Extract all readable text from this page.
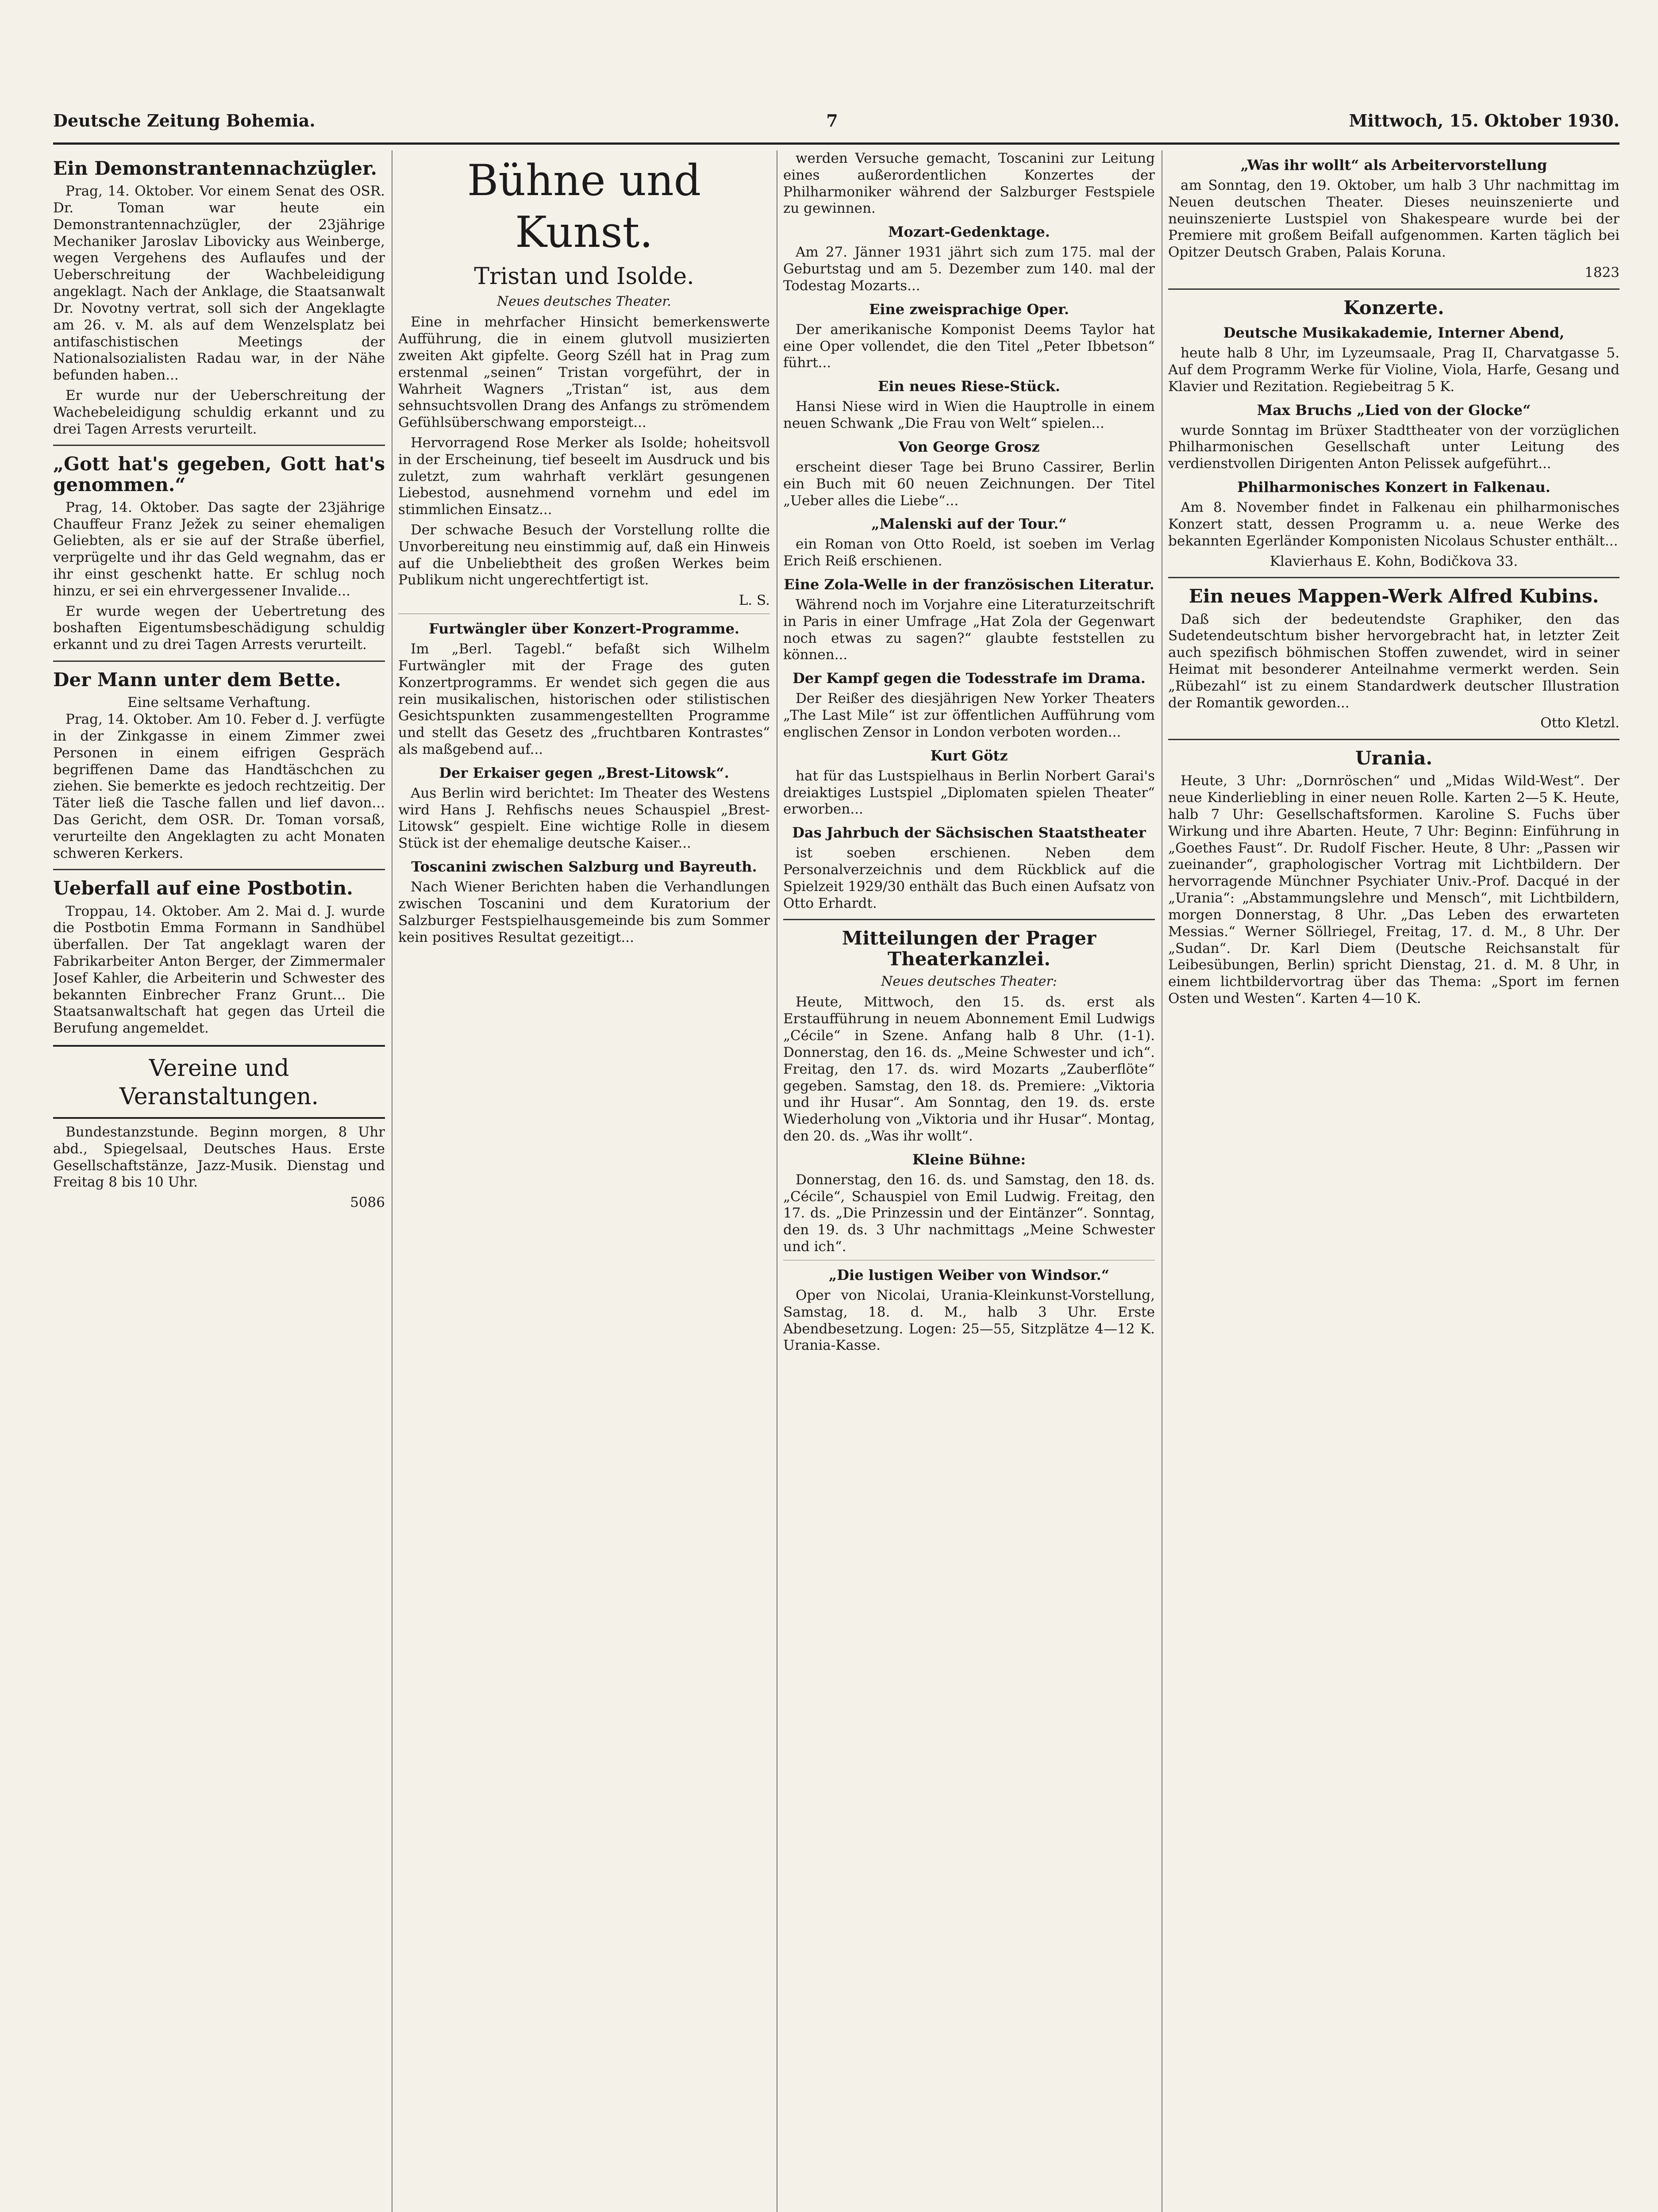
Deutsche Zeitung Bohemia.	7	Mittwoch, 15. Oktober 1930.
Ein Demonstrantennachzügler.

Prag, 14. Oktober. Vor einem Senat des OSR. Dr. Toman war heute ein Demonstrantennachzügler, der 23jährige Mechaniker Jaroslav Libovicky aus Weinberge, wegen Vergehens des Auflaufes und der Ueberschreitung der Wachbeleidigung angeklagt. Nach der Anklage, die Staatsanwalt Dr. Novotny vertrat, soll sich der Angeklagte am 26. v. M. als auf dem Wenzelsplatz bei antifaschistischen Meetings der Nationalsozialisten Radau war, in der Nähe befunden haben...

Er wurde nur der Ueberschreitung der Wachebeleidigung schuldig erkannt und zu drei Tagen Arrests verurteilt.

„Gott hat's gegeben, Gott hat's genommen.“

Prag, 14. Oktober. Das sagte der 23jährige Chauffeur Franz Ježek zu seiner ehemaligen Geliebten, als er sie auf der Straße überfiel, verprügelte und ihr das Geld wegnahm, das er ihr einst geschenkt hatte. Er schlug noch hinzu, er sei ein ehrvergessener Invalide...

Er wurde wegen der Uebertretung des boshaften Eigentumsbeschädigung schuldig erkannt und zu drei Tagen Arrests verurteilt.

Der Mann unter dem Bette.
Eine seltsame Verhaftung.

Prag, 14. Oktober. Am 10. Feber d. J. verfügte in der Zinkgasse in einem Zimmer zwei Personen in einem eifrigen Gespräch begriffenen Dame das Handtäschchen zu ziehen. Sie bemerkte es jedoch rechtzeitig. Der Täter ließ die Tasche fallen und lief davon... Das Gericht, dem OSR. Dr. Toman vorsaß, verurteilte den Angeklagten zu acht Monaten schweren Kerkers.

Ueberfall auf eine Postbotin.

Troppau, 14. Oktober. Am 2. Mai d. J. wurde die Postbotin Emma Formann in Sandhübel überfallen. Der Tat angeklagt waren der Fabrikarbeiter Anton Berger, der Zimmermaler Josef Kahler, die Arbeiterin und Schwester des bekannten Einbrecher Franz Grunt... Die Staatsanwaltschaft hat gegen das Urteil die Berufung angemeldet.

Vereine und Veranstaltungen.

Bundestanzstunde. Beginn morgen, 8 Uhr abd., Spiegelsaal, Deutsches Haus. Erste Gesellschaftstänze, Jazz-Musik. Dienstag und Freitag 8 bis 10 Uhr.

5086
Bühne und Kunst.
Tristan und Isolde.
Neues deutsches Theater.

Eine in mehrfacher Hinsicht bemerkenswerte Aufführung, die in einem glutvoll musizierten zweiten Akt gipfelte. Georg Széll hat in Prag zum erstenmal „seinen“ Tristan vorgeführt, der in Wahrheit Wagners „Tristan“ ist, aus dem sehnsuchtsvollen Drang des Anfangs zu strömendem Gefühlsüberschwang emporsteigt...

Hervorragend Rose Merker als Isolde; hoheitsvoll in der Erscheinung, tief beseelt im Ausdruck und bis zuletzt, zum wahrhaft verklärt gesungenen Liebestod, ausnehmend vornehm und edel im stimmlichen Einsatz...

Der schwache Besuch der Vorstellung rollte die Unvorbereitung neu einstimmig auf, daß ein Hinweis auf die Unbeliebtheit des großen Werkes beim Publikum nicht ungerechtfertigt ist.

L. S.
Furtwängler über Konzert-Programme.

Im „Berl. Tagebl.“ befaßt sich Wilhelm Furtwängler mit der Frage des guten Konzertprogramms. Er wendet sich gegen die aus rein musikalischen, historischen oder stilistischen Gesichtspunkten zusammengestellten Programme und stellt das Gesetz des „fruchtbaren Kontrastes“ als maßgebend auf...

Der Erkaiser gegen „Brest-Litowsk“.

Aus Berlin wird berichtet: Im Theater des Westens wird Hans J. Rehfischs neues Schauspiel „Brest-Litowsk“ gespielt. Eine wichtige Rolle in diesem Stück ist der ehemalige deutsche Kaiser...

Toscanini zwischen Salzburg und Bayreuth.

Nach Wiener Berichten haben die Verhandlungen zwischen Toscanini und dem Kuratorium der Salzburger Festspielhausgemeinde bis zum Sommer kein positives Resultat gezeitigt...

werden Versuche gemacht, Toscanini zur Leitung eines außerordentlichen Konzertes der Philharmoniker während der Salzburger Festspiele zu gewinnen.

Mozart-Gedenktage.

Am 27. Jänner 1931 jährt sich zum 175. mal der Geburtstag und am 5. Dezember zum 140. mal der Todestag Mozarts...

Eine zweisprachige Oper.

Der amerikanische Komponist Deems Taylor hat eine Oper vollendet, die den Titel „Peter Ibbetson“ führt...

Ein neues Riese-Stück.

Hansi Niese wird in Wien die Hauptrolle in einem neuen Schwank „Die Frau von Welt“ spielen...

Von George Grosz

erscheint dieser Tage bei Bruno Cassirer, Berlin ein Buch mit 60 neuen Zeichnungen. Der Titel „Ueber alles die Liebe“...

„Malenski auf der Tour.“

ein Roman von Otto Roeld, ist soeben im Verlag Erich Reiß erschienen.

Eine Zola-Welle in der französischen Literatur.

Während noch im Vorjahre eine Literaturzeitschrift in Paris in einer Umfrage „Hat Zola der Gegenwart noch etwas zu sagen?“ glaubte feststellen zu können...

Der Kampf gegen die Todesstrafe im Drama.

Der Reißer des diesjährigen New Yorker Theaters „The Last Mile“ ist zur öffentlichen Aufführung vom englischen Zensor in London verboten worden...

Kurt Götz

hat für das Lustspielhaus in Berlin Norbert Garai's dreiaktiges Lustspiel „Diplomaten spielen Theater“ erworben...

Das Jahrbuch der Sächsischen Staatstheater

ist soeben erschienen. Neben dem Personalverzeichnis und dem Rückblick auf die Spielzeit 1929/30 enthält das Buch einen Aufsatz von Otto Erhardt.

Mitteilungen der Prager Theaterkanzlei.
Neues deutsches Theater:

Heute, Mittwoch, den 15. ds. erst als Erstaufführung in neuem Abonnement Emil Ludwigs „Cécile“ in Szene. Anfang halb 8 Uhr. (1-1). Donnerstag, den 16. ds. „Meine Schwester und ich“. Freitag, den 17. ds. wird Mozarts „Zauberflöte“ gegeben. Samstag, den 18. ds. Premiere: „Viktoria und ihr Husar“. Am Sonntag, den 19. ds. erste Wiederholung von „Viktoria und ihr Husar“. Montag, den 20. ds. „Was ihr wollt“.

Kleine Bühne:

Donnerstag, den 16. ds. und Samstag, den 18. ds. „Cécile“, Schauspiel von Emil Ludwig. Freitag, den 17. ds. „Die Prinzessin und der Eintänzer“. Sonntag, den 19. ds. 3 Uhr nachmittags „Meine Schwester und ich“.

„Die lustigen Weiber von Windsor.“

Oper von Nicolai, Urania-Kleinkunst-Vorstellung, Samstag, 18. d. M., halb 3 Uhr. Erste Abendbesetzung. Logen: 25—55, Sitzplätze 4—12 K. Urania-Kasse.

„Was ihr wollt“ als Arbeitervorstellung

am Sonntag, den 19. Oktober, um halb 3 Uhr nachmittag im Neuen deutschen Theater. Dieses neuinszenierte und neuinszenierte Lustspiel von Shakespeare wurde bei der Premiere mit großem Beifall aufgenommen. Karten täglich bei Opitzer Deutsch Graben, Palais Koruna.

1823
Konzerte.
Deutsche Musikakademie, Interner Abend,

heute halb 8 Uhr, im Lyzeumsaale, Prag II, Charvatgasse 5. Auf dem Programm Werke für Violine, Viola, Harfe, Gesang und Klavier und Rezitation. Regiebeitrag 5 K.

Max Bruchs „Lied von der Glocke“

wurde Sonntag im Brüxer Stadttheater von der vorzüglichen Philharmonischen Gesellschaft unter Leitung des verdienstvollen Dirigenten Anton Pelissek aufgeführt...

Philharmonisches Konzert in Falkenau.

Am 8. November findet in Falkenau ein philharmonisches Konzert statt, dessen Programm u. a. neue Werke des bekannten Egerländer Komponisten Nicolaus Schuster enthält...

Klavierhaus E. Kohn, Bodičkova 33.
Ein neues Mappen-Werk Alfred Kubins.

Daß sich der bedeutendste Graphiker, den das Sudetendeutschtum bisher hervorgebracht hat, in letzter Zeit auch spezifisch böhmischen Stoffen zuwendet, wird in seiner Heimat mit besonderer Anteilnahme vermerkt werden. Sein „Rübezahl“ ist zu einem Standardwerk deutscher Illustration der Romantik geworden...

Otto Kletzl.
Urania.

Heute, 3 Uhr: „Dornröschen“ und „Midas Wild-West“. Der neue Kinderliebling in einer neuen Rolle. Karten 2—5 K. Heute, halb 7 Uhr: Gesellschaftsformen. Karoline S. Fuchs über Wirkung und ihre Abarten. Heute, 7 Uhr: Beginn: Einführung in „Goethes Faust“. Dr. Rudolf Fischer. Heute, 8 Uhr: „Passen wir zueinander“, graphologischer Vortrag mit Lichtbildern. Der hervorragende Münchner Psychiater Univ.-Prof. Dacqué in der „Urania“: „Abstammungslehre und Mensch“, mit Lichtbildern, morgen Donnerstag, 8 Uhr. „Das Leben des erwarteten Messias.“ Werner Söllriegel, Freitag, 17. d. M., 8 Uhr. Der „Sudan“. Dr. Karl Diem (Deutsche Reichsanstalt für Leibesübungen, Berlin) spricht Dienstag, 21. d. M. 8 Uhr, in einem lichtbildervortrag über das Thema: „Sport im fernen Osten und Westen“. Karten 4—10 K.
